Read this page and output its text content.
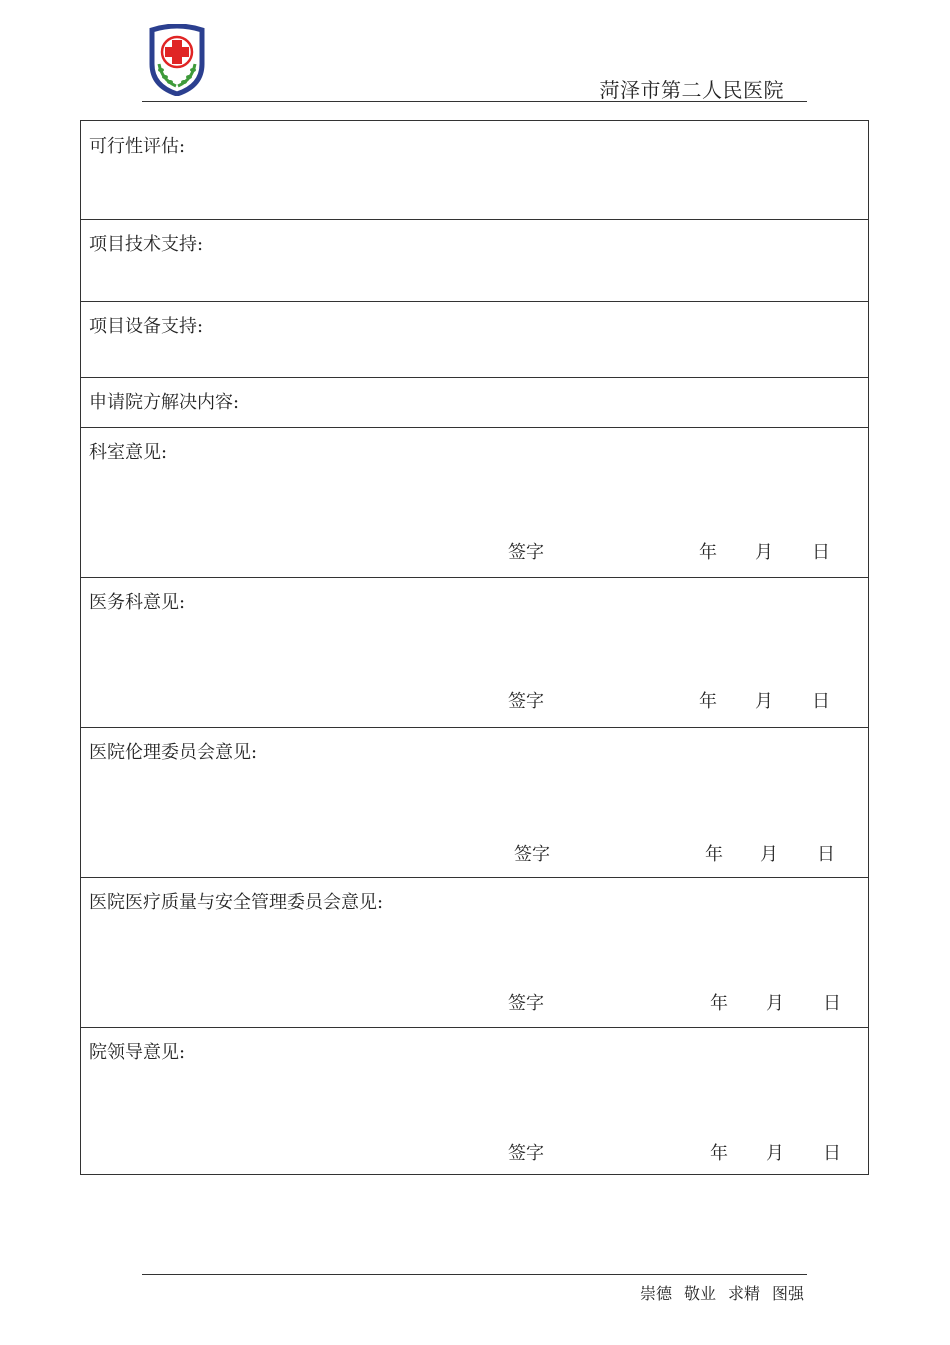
菏泽市第二人民医院
可行性评估:
项目技术支持:
项目设备支持:
申请院方解决内容:
科室意见:
签字	年 月 日
医务科意见:
签字	年 月 日
医院伦理委员会意见:
签字	年 月 日
医院医疗质量与安全管理委员会意见:
签字	年 月 日
院领导意见:
签字	年 月 日
崇德 敬业 求精 图强
